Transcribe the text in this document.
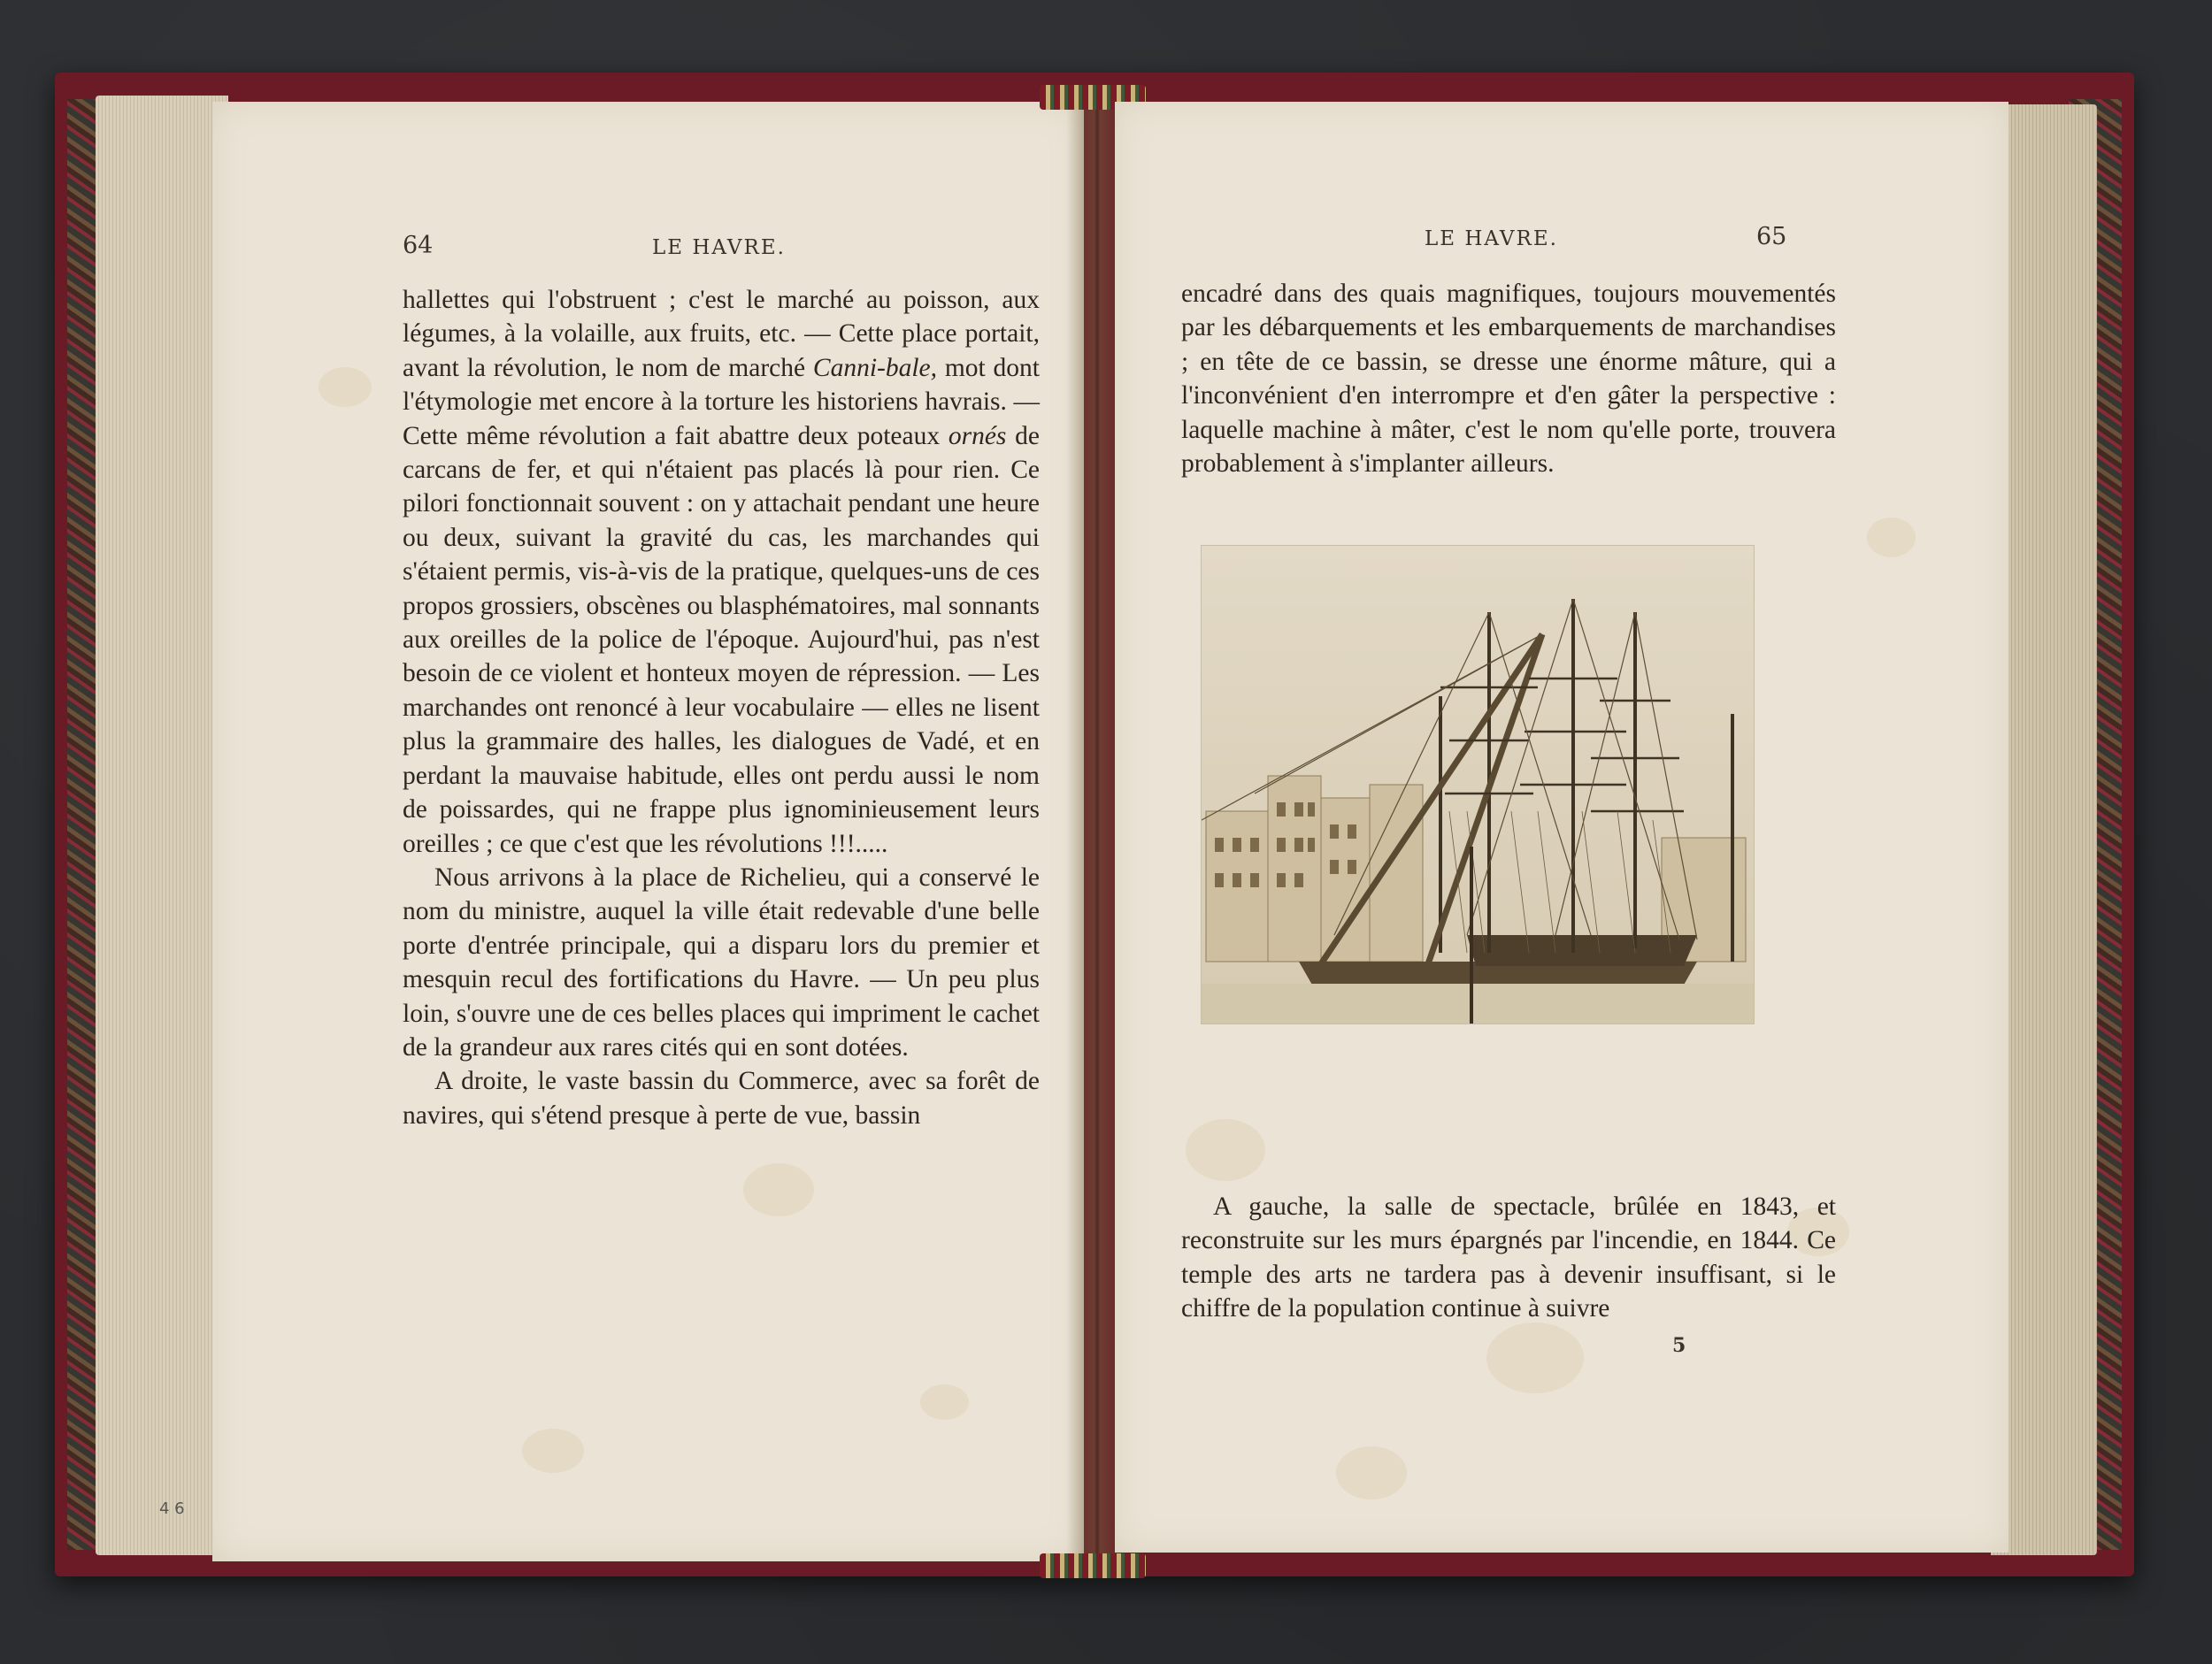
64	LE HAVRE.

hallettes qui l'obstruent ; c'est le marché au poisson, aux légumes, à la volaille, aux fruits, etc. — Cette place portait, avant la révolution, le nom de marché Canni-bale, mot dont l'étymologie met encore à la torture les historiens havrais. — Cette même révolution a fait abattre deux poteaux ornés de carcans de fer, et qui n'étaient pas placés là pour rien. Ce pilori fonctionnait souvent : on y attachait pendant une heure ou deux, suivant la gravité du cas, les marchandes qui s'étaient permis, vis-à-vis de la pratique, quelques-uns de ces propos grossiers, obscènes ou blasphématoires, mal sonnants aux oreilles de la police de l'époque. Aujourd'hui, pas n'est besoin de ce violent et honteux moyen de répression. — Les marchandes ont renoncé à leur vocabulaire — elles ne lisent plus la grammaire des halles, les dialogues de Vadé, et en perdant la mauvaise habitude, elles ont perdu aussi le nom de poissardes, qui ne frappe plus ignominieusement leurs oreilles ; ce que c'est que les révolutions !!!.....

Nous arrivons à la place de Richelieu, qui a conservé le nom du ministre, auquel la ville était redevable d'une belle porte d'entrée principale, qui a disparu lors du premier et mesquin recul des fortifications du Havre. — Un peu plus loin, s'ouvre une de ces belles places qui impriment le cachet de la grandeur aux rares cités qui en sont dotées.

A droite, le vaste bassin du Commerce, avec sa forêt de navires, qui s'étend presque à perte de vue, bassin

4 6
LE HAVRE.	65

encadré dans des quais magnifiques, toujours mouvementés par les débarquements et les embarquements de marchandises ; en tête de ce bassin, se dresse une énorme mâture, qui a l'inconvénient d'en interrompre et d'en gâter la perspective : laquelle machine à mâter, c'est le nom qu'elle porte, trouvera probablement à s'implanter ailleurs.

A gauche, la salle de spectacle, brûlée en 1843, et reconstruite sur les murs épargnés par l'incendie, en 1844. Ce temple des arts ne tardera pas à devenir insuffisant, si le chiffre de la population continue à suivre

5
